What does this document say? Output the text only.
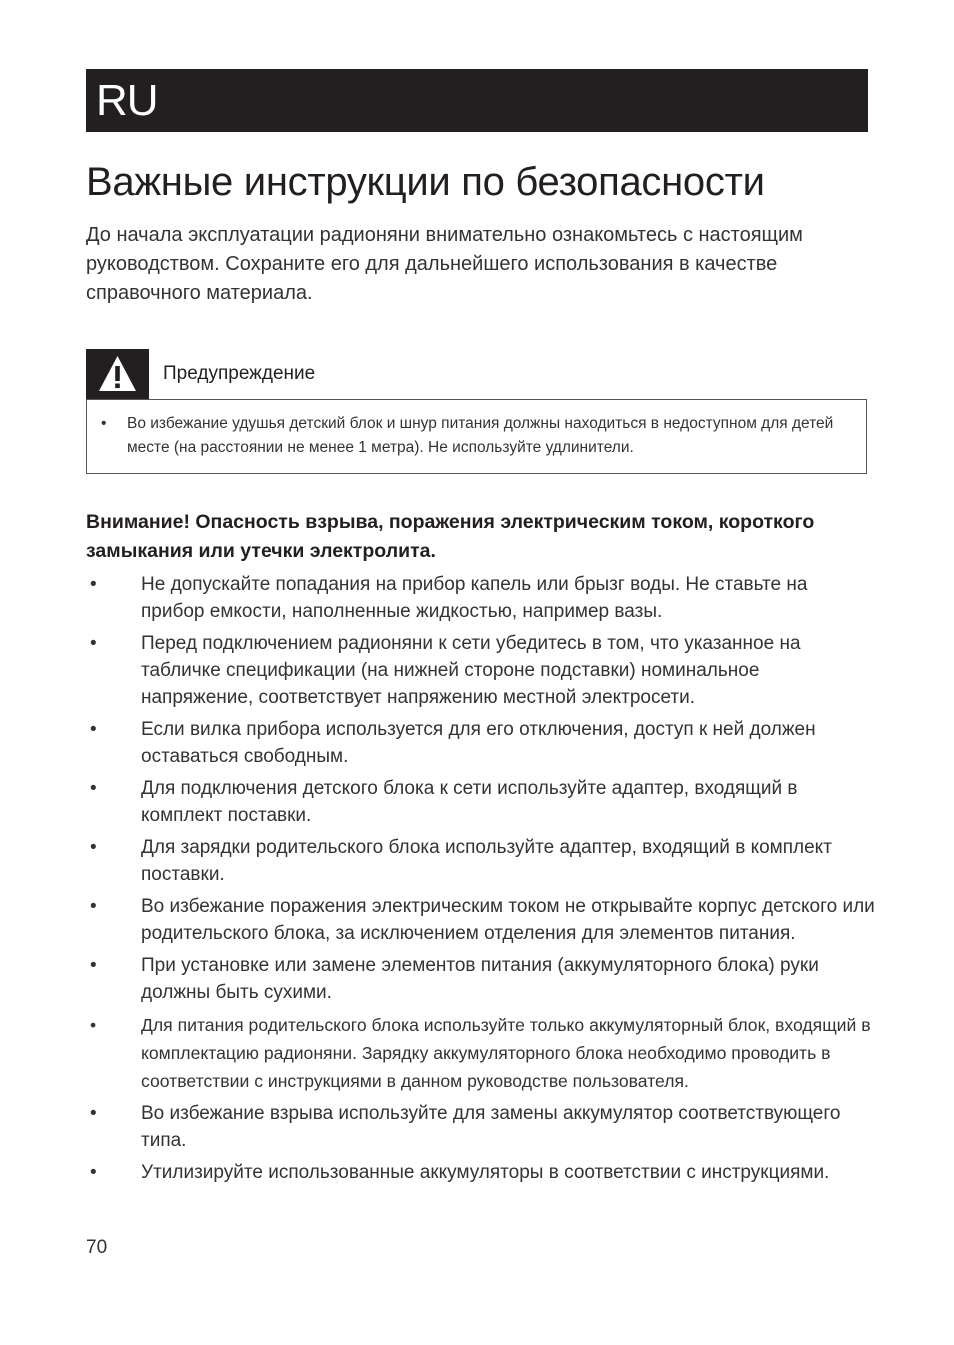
RU
Важные инструкции по безопасности
До начала эксплуатации радионяни внимательно ознакомьтесь с настоящим руководством. Сохраните его для дальнейшего использования в качестве справочного материала.
Предупреждение
• Во избежание удушья детский блок и шнур питания должны находиться в недоступном для детей месте (на расстоянии не менее 1 метра). Не используйте удлинители.
Внимание! Опасность взрыва, поражения электрическим током, короткого замыкания или утечки электролита.
• Не допускайте попадания на прибор капель или брызг воды. Не ставьте на прибор емкости, наполненные жидкостью, например вазы.
• Перед подключением радионяни к сети убедитесь в том, что указанное на табличке спецификации (на нижней стороне подставки) номинальное напряжение, соответствует напряжению местной электросети.
• Если вилка прибора используется для его отключения, доступ к ней должен оставаться свободным.
• Для подключения детского блока к сети используйте адаптер, входящий в комплект поставки.
• Для зарядки родительского блока используйте адаптер, входящий в комплект поставки.
• Во избежание поражения электрическим током не открывайте корпус детского или родительского блока, за исключением отделения для элементов питания.
• При установке или замене элементов питания (аккумуляторного блока) руки должны быть сухими.
•	Для питания родительского блока используйте только аккумуляторный блок, входящий в комплектацию радионяни. Зарядку аккумуляторного блока необходимо проводить в соответствии с инструкциями в данном руководстве пользователя.
• Во избежание взрыва используйте для замены аккумулятор соответствующего типа.
• Утилизируйте использованные аккумуляторы в соответствии с инструкциями.
70
